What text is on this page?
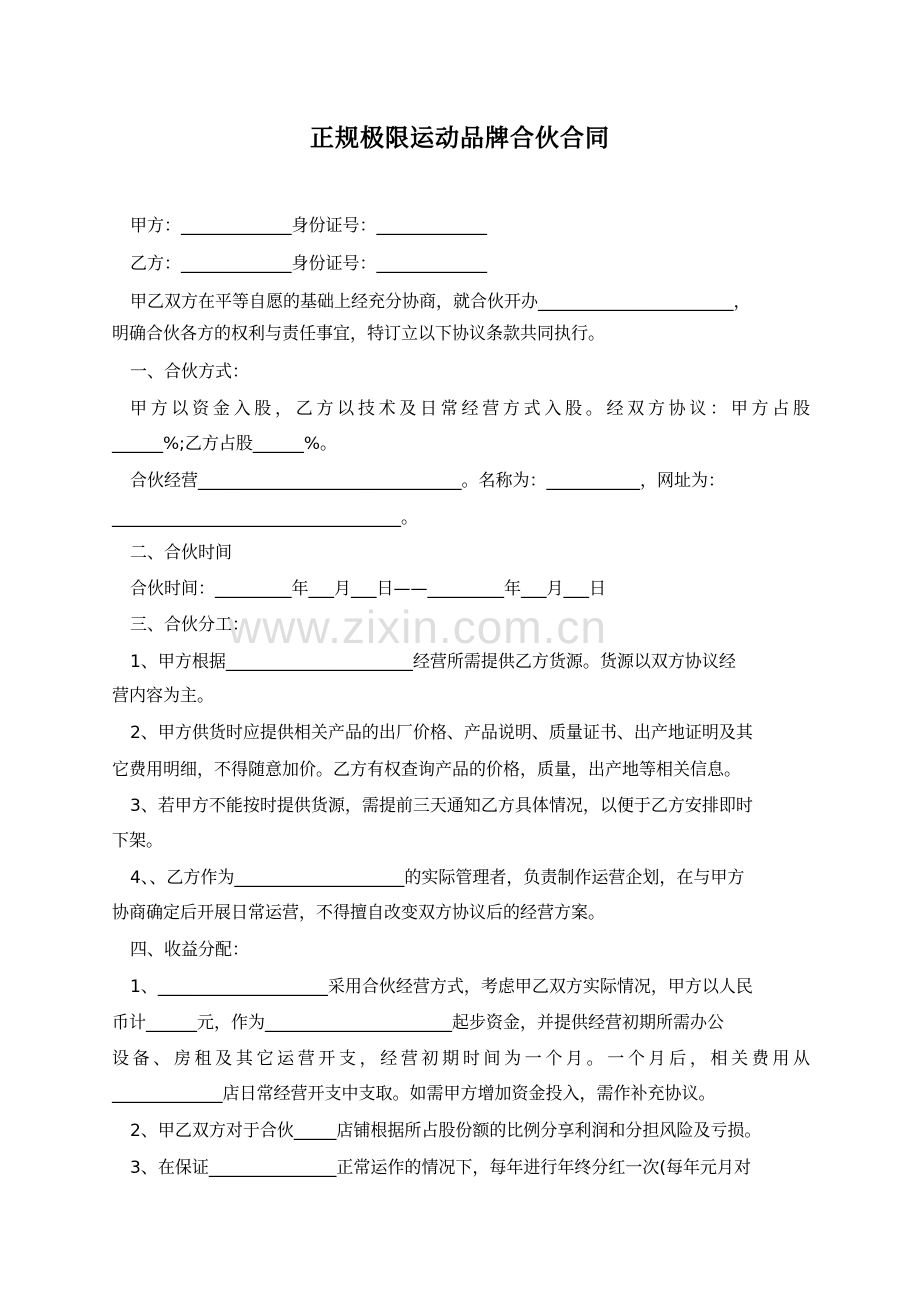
正规极限运动品牌合伙合同
甲方：_____________身份证号：_____________
乙方：_____________身份证号：_____________
甲乙双方在平等自愿的基础上经充分协商，就合伙开办_______________________，
明确合伙各方的权利与责任事宜，特订立以下协议条款共同执行。
一、合伙方式：
甲方以资金入股，乙方以技术及日常经营方式入股。经双方协议：甲方占股
______%;乙方占股______%。
合伙经营_______________________________。名称为：___________，网址为：
__________________________________。
二、合伙时间
合伙时间：_________年___月___日——_________年___月___日
三、合伙分工：
1、甲方根据______________________经营所需提供乙方货源。货源以双方协议经
营内容为主。
2、甲方供货时应提供相关产品的出厂价格、产品说明、质量证书、出产地证明及其
它费用明细，不得随意加价。乙方有权查询产品的价格，质量，出产地等相关信息。
3、若甲方不能按时提供货源，需提前三天通知乙方具体情况，以便于乙方安排即时
下架。
4、、乙方作为____________________的实际管理者，负责制作运营企划，在与甲方
协商确定后开展日常运营，不得擅自改变双方协议后的经营方案。
四、收益分配：
1、____________________采用合伙经营方式，考虑甲乙双方实际情况，甲方以人民
币计______元，作为______________________起步资金，并提供经营初期所需办公
设备、房租及其它运营开支，经营初期时间为一个月。一个月后，相关费用从
_____________店日常经营开支中支取。如需甲方增加资金投入，需作补充协议。
2、甲乙双方对于合伙_____店铺根据所占股份额的比例分享利润和分担风险及亏损。
3、在保证_______________正常运作的情况下，每年进行年终分红一次(每年元月对
www.zixin.com.cn
